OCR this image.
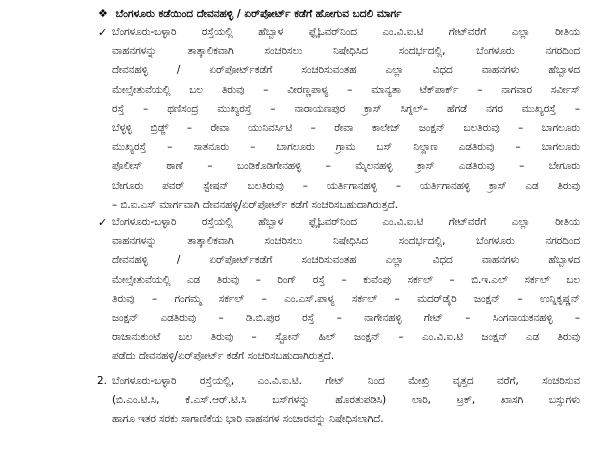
❖ ಬೆಂಗಳೂರು ಕಡೆಯಿಂದ ದೇವನಹಳ್ಳಿ / ಏರ್‌ಪೋರ್ಟ್ ಕಡೆಗೆ ಹೋಗುವ ಬದಲಿ ಮಾರ್ಗ
✓ ಬೆಂಗಳೂರು-ಬಳ್ಳಾರಿ ರಸ್ತೆಯಲ್ಲಿ ಹೆಬ್ಬಾಳ ಫ್ಲೈಓವರ್‌ನಿಂದ ಎಂ.ವಿ.ಐ.ಟಿ ಗೇಟ್‌ವರೆಗೆ ಎಲ್ಲಾ ರೀತಿಯ
ವಾಹನಗಳನ್ನು ತಾತ್ಕಾಲಿಕವಾಗಿ ಸಂಚರಿಸಲು ನಿಷೇಧಿಸಿದ ಸಂದರ್ಭದಲ್ಲಿ, ಬೆಂಗಳೂರು ನಗರದಿಂದ
ದೇವನಹಳ್ಳಿ / ಏರ್‌ಪೋರ್ಟ್‌ಕಡೆಗೆ ಸಂಚರಿಸುವಂತಹ ಎಲ್ಲಾ ವಿಧದ ವಾಹನಗಳು ಹೆಬ್ಬಾಳದ
ಮೇಲ್ಸೇತುವೆಯಲ್ಲಿ ಬಲ ತಿರುವು – ವೀರಣ್ಣಪಾಳ್ಯ – ಮಾನ್ಯತಾ ಟೆಕ್‌ಪಾರ್ಕ್ – ನಾಗವಾರ ಸರ್ವೀಸ್
ರಸ್ತೆ – ಥಣಿಸಂದ್ರ ಮುಖ್ಯರಸ್ತೆ – ನಾರಾಯಣಪುರ ಕ್ರಾಸ್ ಸಿಗ್ನಲ್– ಹೆಗಡೆ ನಗರ ಮುಖ್ಯರಸ್ತೆ –
ಬೆಳ್ಳಳ್ಳಿ ಬ್ರಿಡ್ಜ್ – ರೇವಾ ಯುನಿವರ್ಸಿಟಿ – ರೇವಾ ಕಾಲೇಜ್ ಜಂಕ್ಷನ್ ಬಲತಿರುವು – ಬಾಗಲೂರು
ಮುಖ್ಯರಸ್ತೆ – ಸಾತನೂರು – ಬಾಗಲೂರು ಗ್ರಾಮ ಬಸ್ ನಿಲ್ದಾಣ ಎಡತಿರುವು – ಬಾಗಲೂರು
ಪೊಲೀಸ್ ಠಾಣೆ – ಬಂಡಿಕೊಡಿಗೇನಹಳ್ಳಿ – ಮೈಲನಹಳ್ಳಿ ಕ್ರಾಸ್ ಎಡತಿರುವು – ಬೇಗೂರು
ಬೇಗೂರು ಪವರ್ ಸ್ಟೇಷನ್ ಬಲತಿರುವು – ಯರ್ತಿಗಾನಹಳ್ಳಿ – ಯರ್ತಿಗಾನಹಳ್ಳಿ ಕ್ರಾಸ್ ಎಡ ತಿರುವು
– ಬಿ.ಐ.ಎಸ್ ಮಾರ್ಗವಾಗಿ ದೇವನಹಳ್ಳಿ/ಏರ್‌ಪೋರ್ಟ್ ಕಡೆಗೆ ಸಂಚರಿಸಬಹುದಾಗಿರುತ್ತದೆ.
✓ ಬೆಂಗಳೂರು-ಬಳ್ಳಾರಿ ರಸ್ತೆಯಲ್ಲಿ ಹೆಬ್ಬಾಳ ಫ್ಲೈಓವರ್‌ನಿಂದ ಎಂ.ವಿ.ಐ.ಟಿ ಗೇಟ್‌ವರೆಗೆ ಎಲ್ಲಾ ರೀತಿಯ
ವಾಹನಗಳನ್ನು ತಾತ್ಕಾಲಿಕವಾಗಿ ಸಂಚರಿಸಲು ನಿಷೇಧಿಸಿದ ಸಂದರ್ಭದಲ್ಲಿ, ಬೆಂಗಳೂರು ನಗರದಿಂದ
ದೇವನಹಳ್ಳಿ / ಏರ್‌ಪೋರ್ಟ್‌ಕಡೆಗೆ ಸಂಚರಿಸುವಂತಹ ಎಲ್ಲಾ ವಿಧದ ವಾಹನಗಳು ಹೆಬ್ಬಾಳದ
ಮೇಲ್ಸೇತುವೆಯಲ್ಲಿ ಎಡ ತಿರುವು – ರಿಂಗ್ ರಸ್ತೆ – ಕುವೆಂಪು ಸರ್ಕಲ್ – ಬಿ.ಇ.ಎಲ್ ಸರ್ಕಲ್ ಬಲ
ತಿರುವು – ಗಂಗಮ್ಮ ಸರ್ಕಲ್ – ಎಂ.ಎಸ್.ಪಾಳ್ಯ ಸರ್ಕಲ್ – ಮದರ್‌ಡೈರಿ ಜಂಕ್ಷನ್ – ಉನ್ನಿಕೃಷ್ಣನ್
ಜಂಕ್ಷನ್ ಎಡತಿರುವು – ಡಿ.ಬಿ.ಪುರ ರಸ್ತೆ – ನಾಗೇನಹಳ್ಳಿ ಗೇಟ್ – ಸಿಂಗನಾಯಕನಹಳ್ಳಿ –
ರಾಜಾನುಕುಂಟೆ ಬಲ ತಿರುವು – ಸ್ಟೋನ್ ಹಿಲ್ ಜಂಕ್ಷನ್ – ಎಂ.ವಿ.ಐ.ಟಿ ಜಂಕ್ಷನ್ ಎಡ ತಿರುವು
ಪಡೆದು ದೇವನಹಳ್ಳಿ/ಏರ್‌ಪೋರ್ಟ್ ಕಡೆಗೆ ಸಂಚರಿಸಬಹುದಾಗಿರುತ್ತದೆ.
2. ಬೆಂಗಳೂರು-ಬಳ್ಳಾರಿ ರಸ್ತೆಯಲ್ಲಿ, ಎಂ.ವಿ.ಐ.ಟಿ. ಗೇಟ್ ನಿಂದ ಮೇಖ್ರಿ ವೃತ್ತದ ವರೆಗೆ, ಸಂಚರಿಸುವ
(ಬಿ.ಎಂ.ಟಿ.ಸಿ, ಕೆ.ಎಸ್.ಆರ್.ಟಿ.ಸಿ ಬಸ್‌ಗಳನ್ನು ಹೊರತುಪಡಿಸಿ) ಲಾರಿ, ಟ್ರಕ್, ಖಾಸಗಿ ಬಸ್ಸುಗಳು
ಹಾಗೂ ಇತರ ಸರಕು ಸಾಗಾಣಿಕೆಯ ಭಾರಿ ವಾಹನಗಳ ಸಂಚಾರವನ್ನು ನಿಷೇಧಿಸಲಾಗಿದೆ.
